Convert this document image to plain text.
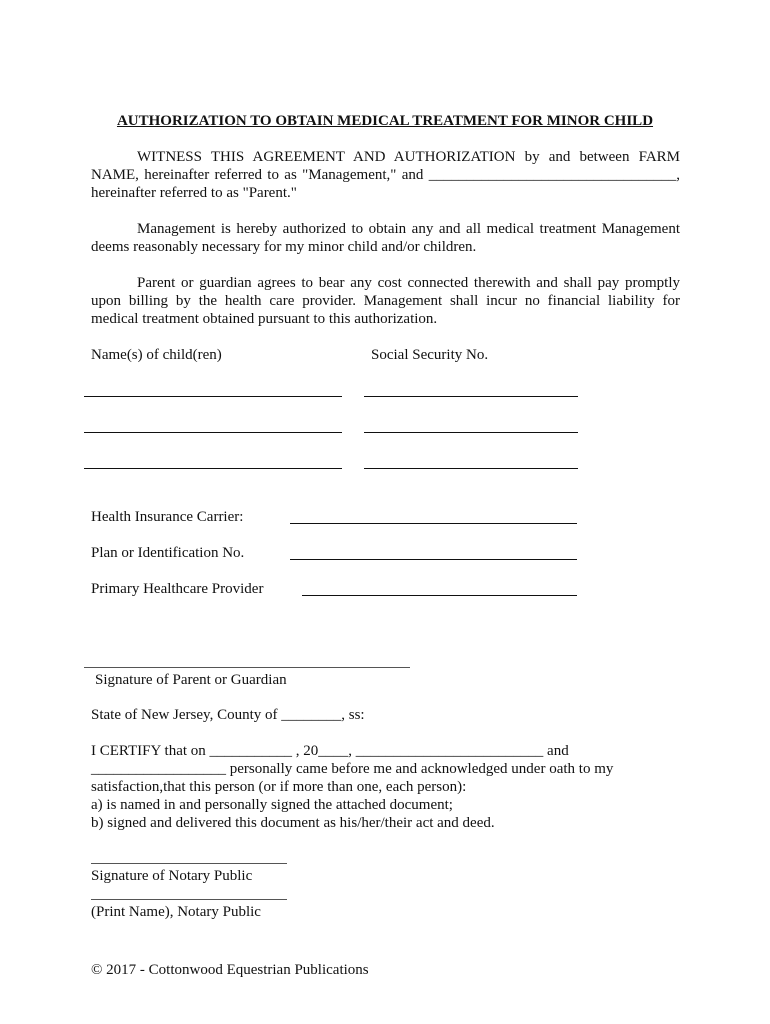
AUTHORIZATION TO OBTAIN MEDICAL TREATMENT FOR MINOR CHILD
WITNESS THIS AGREEMENT AND AUTHORIZATION by and between FARM
NAME, hereinafter referred to as "Management," and _________________________________,
hereinafter referred to as "Parent."
Management is hereby authorized to obtain any and all medical treatment Management
deems reasonably necessary for my minor child and/or children.
Parent or guardian agrees to bear any cost connected therewith and shall pay promptly
upon billing by the health care provider. Management shall incur no financial liability for
medical treatment obtained pursuant to this authorization.
Name(s) of child(ren)	Social Security No.
Health Insurance Carrier:
Plan or Identification No.
Primary Healthcare Provider
Signature of Parent or Guardian
State of New Jersey, County of ________, ss:
I CERTIFY that on ___________ , 20____, _________________________ and
__________________ personally came before me and acknowledged under oath to my
satisfaction,that this person (or if more than one, each person):
a) is named in and personally signed the attached document;
b) signed and delivered this document as his/her/their act and deed.
Signature of Notary Public
(Print Name), Notary Public
© 2017 - Cottonwood Equestrian Publications
